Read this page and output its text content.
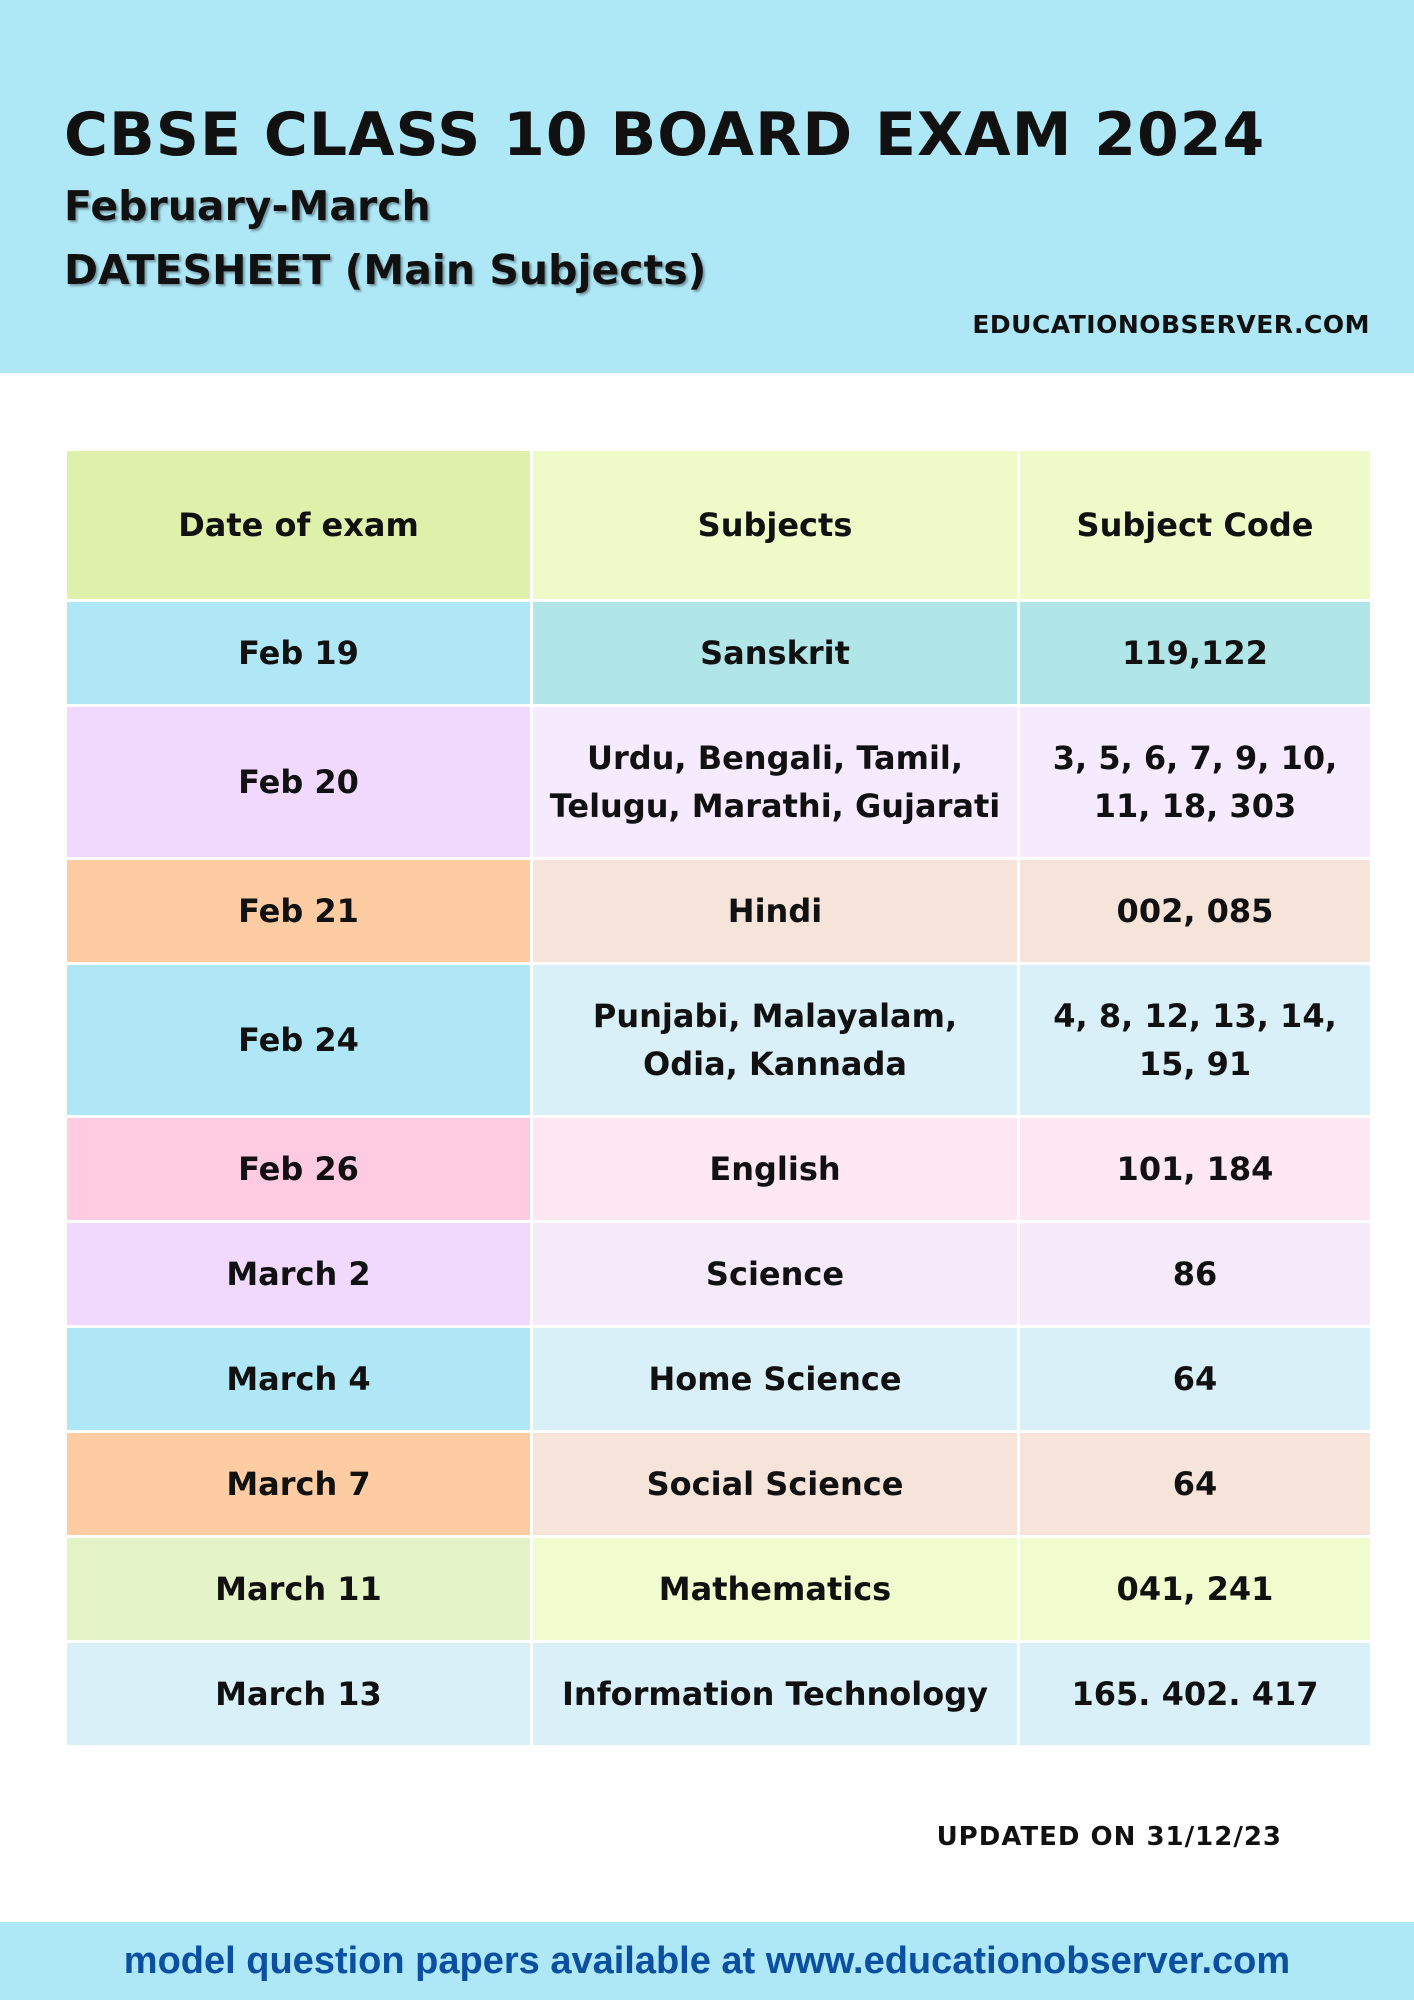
CBSE CLASS 10 BOARD EXAM 2024
February-March
DATESHEET (Main Subjects)
EDUCATIONOBSERVER.COM
Date of exam	Subjects	Subject Code
Feb 19	Sanskrit	119,122
Feb 20	Urdu, Bengali, Tamil, Telugu, Marathi, Gujarati	3, 5, 6, 7, 9, 10, 11, 18, 303
Feb 21	Hindi	002, 085
Feb 24	Punjabi, Malayalam, Odia, Kannada	4, 8, 12, 13, 14, 15, 91
Feb 26	English	101, 184
March 2	Science	86
March 4	Home Science	64
March 7	Social Science	64
March 11	Mathematics	041, 241
March 13	Information Technology	165. 402. 417
UPDATED ON 31/12/23
model question papers available at www.educationobserver.com
